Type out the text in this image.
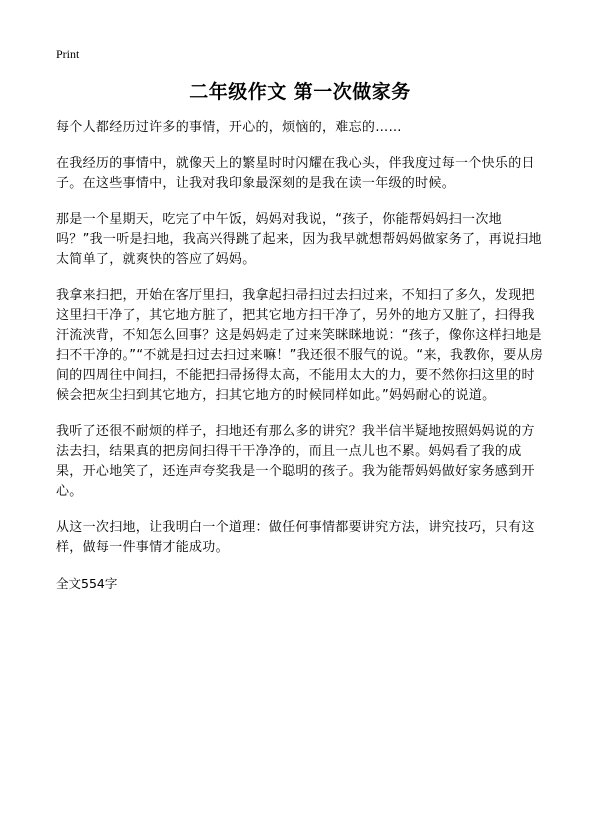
Print
二年级作文 第一次做家务

每个人都经历过许多的事情，开心的，烦恼的，难忘的……

在我经历的事情中，就像天上的繁星时时闪耀在我心头，伴我度过每一个快乐的日子。在这些事情中，让我对我印象最深刻的是我在读一年级的时候。

那是一个星期天，吃完了中午饭，妈妈对我说，“孩子，你能帮妈妈扫一次地吗？”我一听是扫地，我高兴得跳了起来，因为我早就想帮妈妈做家务了，再说扫地太简单了，就爽快的答应了妈妈。

我拿来扫把，开始在客厅里扫，我拿起扫帚扫过去扫过来，不知扫了多久，发现把这里扫干净了，其它地方脏了，把其它地方扫干净了，另外的地方又脏了，扫得我汗流浃背，不知怎么回事？这是妈妈走了过来笑眯眯地说：“孩子，像你这样扫地是扫不干净的。”“不就是扫过去扫过来嘛！”我还很不服气的说。“来，我教你，要从房间的四周往中间扫，不能把扫帚扬得太高，不能用太大的力，要不然你扫这里的时候会把灰尘扫到其它地方，扫其它地方的时候同样如此。”妈妈耐心的说道。

我听了还很不耐烦的样子，扫地还有那么多的讲究？我半信半疑地按照妈妈说的方法去扫，结果真的把房间扫得干干净净的，而且一点儿也不累。妈妈看了我的成果，开心地笑了，还连声夸奖我是一个聪明的孩子。我为能帮妈妈做好家务感到开心。

从这一次扫地，让我明白一个道理：做任何事情都要讲究方法，讲究技巧，只有这样，做每一件事情才能成功。

全文554字
